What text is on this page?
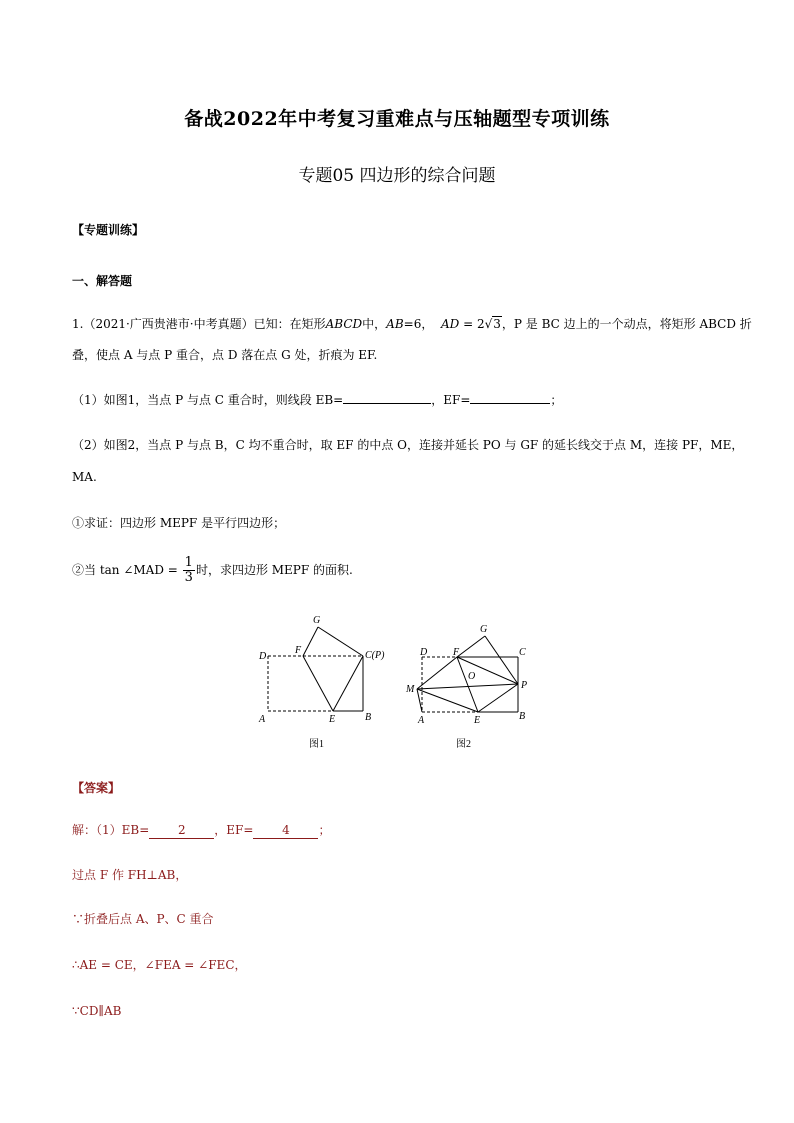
备战2022年中考复习重难点与压轴题型专项训练
专题05 四边形的综合问题
【专题训练】
一、解答题
1.（2021·广西贵港市·中考真题）已知：在矩形ABCD中，AB=6， AD = 2√3，P 是 BC 边上的一个动点，将矩形 ABCD 折
叠，使点 A 与点 P 重合，点 D 落在点 G 处，折痕为 EF.
（1）如图1，当点 P 与点 C 重合时，则线段 EB=	，EF=	；
（2）如图2，当点 P 与点 B，C 均不重合时，取 EF 的中点 O，连接并延长 PO 与 GF 的延长线交于点 M，连接 PF，ME，
MA.
①求证：四边形 MEPF 是平行四边形；
②当 tan ∠MAD = $\frac{1}{3}$ 时，求四边形 MEPF 的面积.
G
F
D	C(P)
A	E	B
图1
G
D	F	C
O
M	P
A	E	B
图2
【答案】
解：（1）EB= 2 ，EF= 4 ；
过点 F 作 FH⊥AB，
∵折叠后点 A、P、C 重合
∴AE = CE，∠FEA = ∠FEC，
∵CD∥AB
